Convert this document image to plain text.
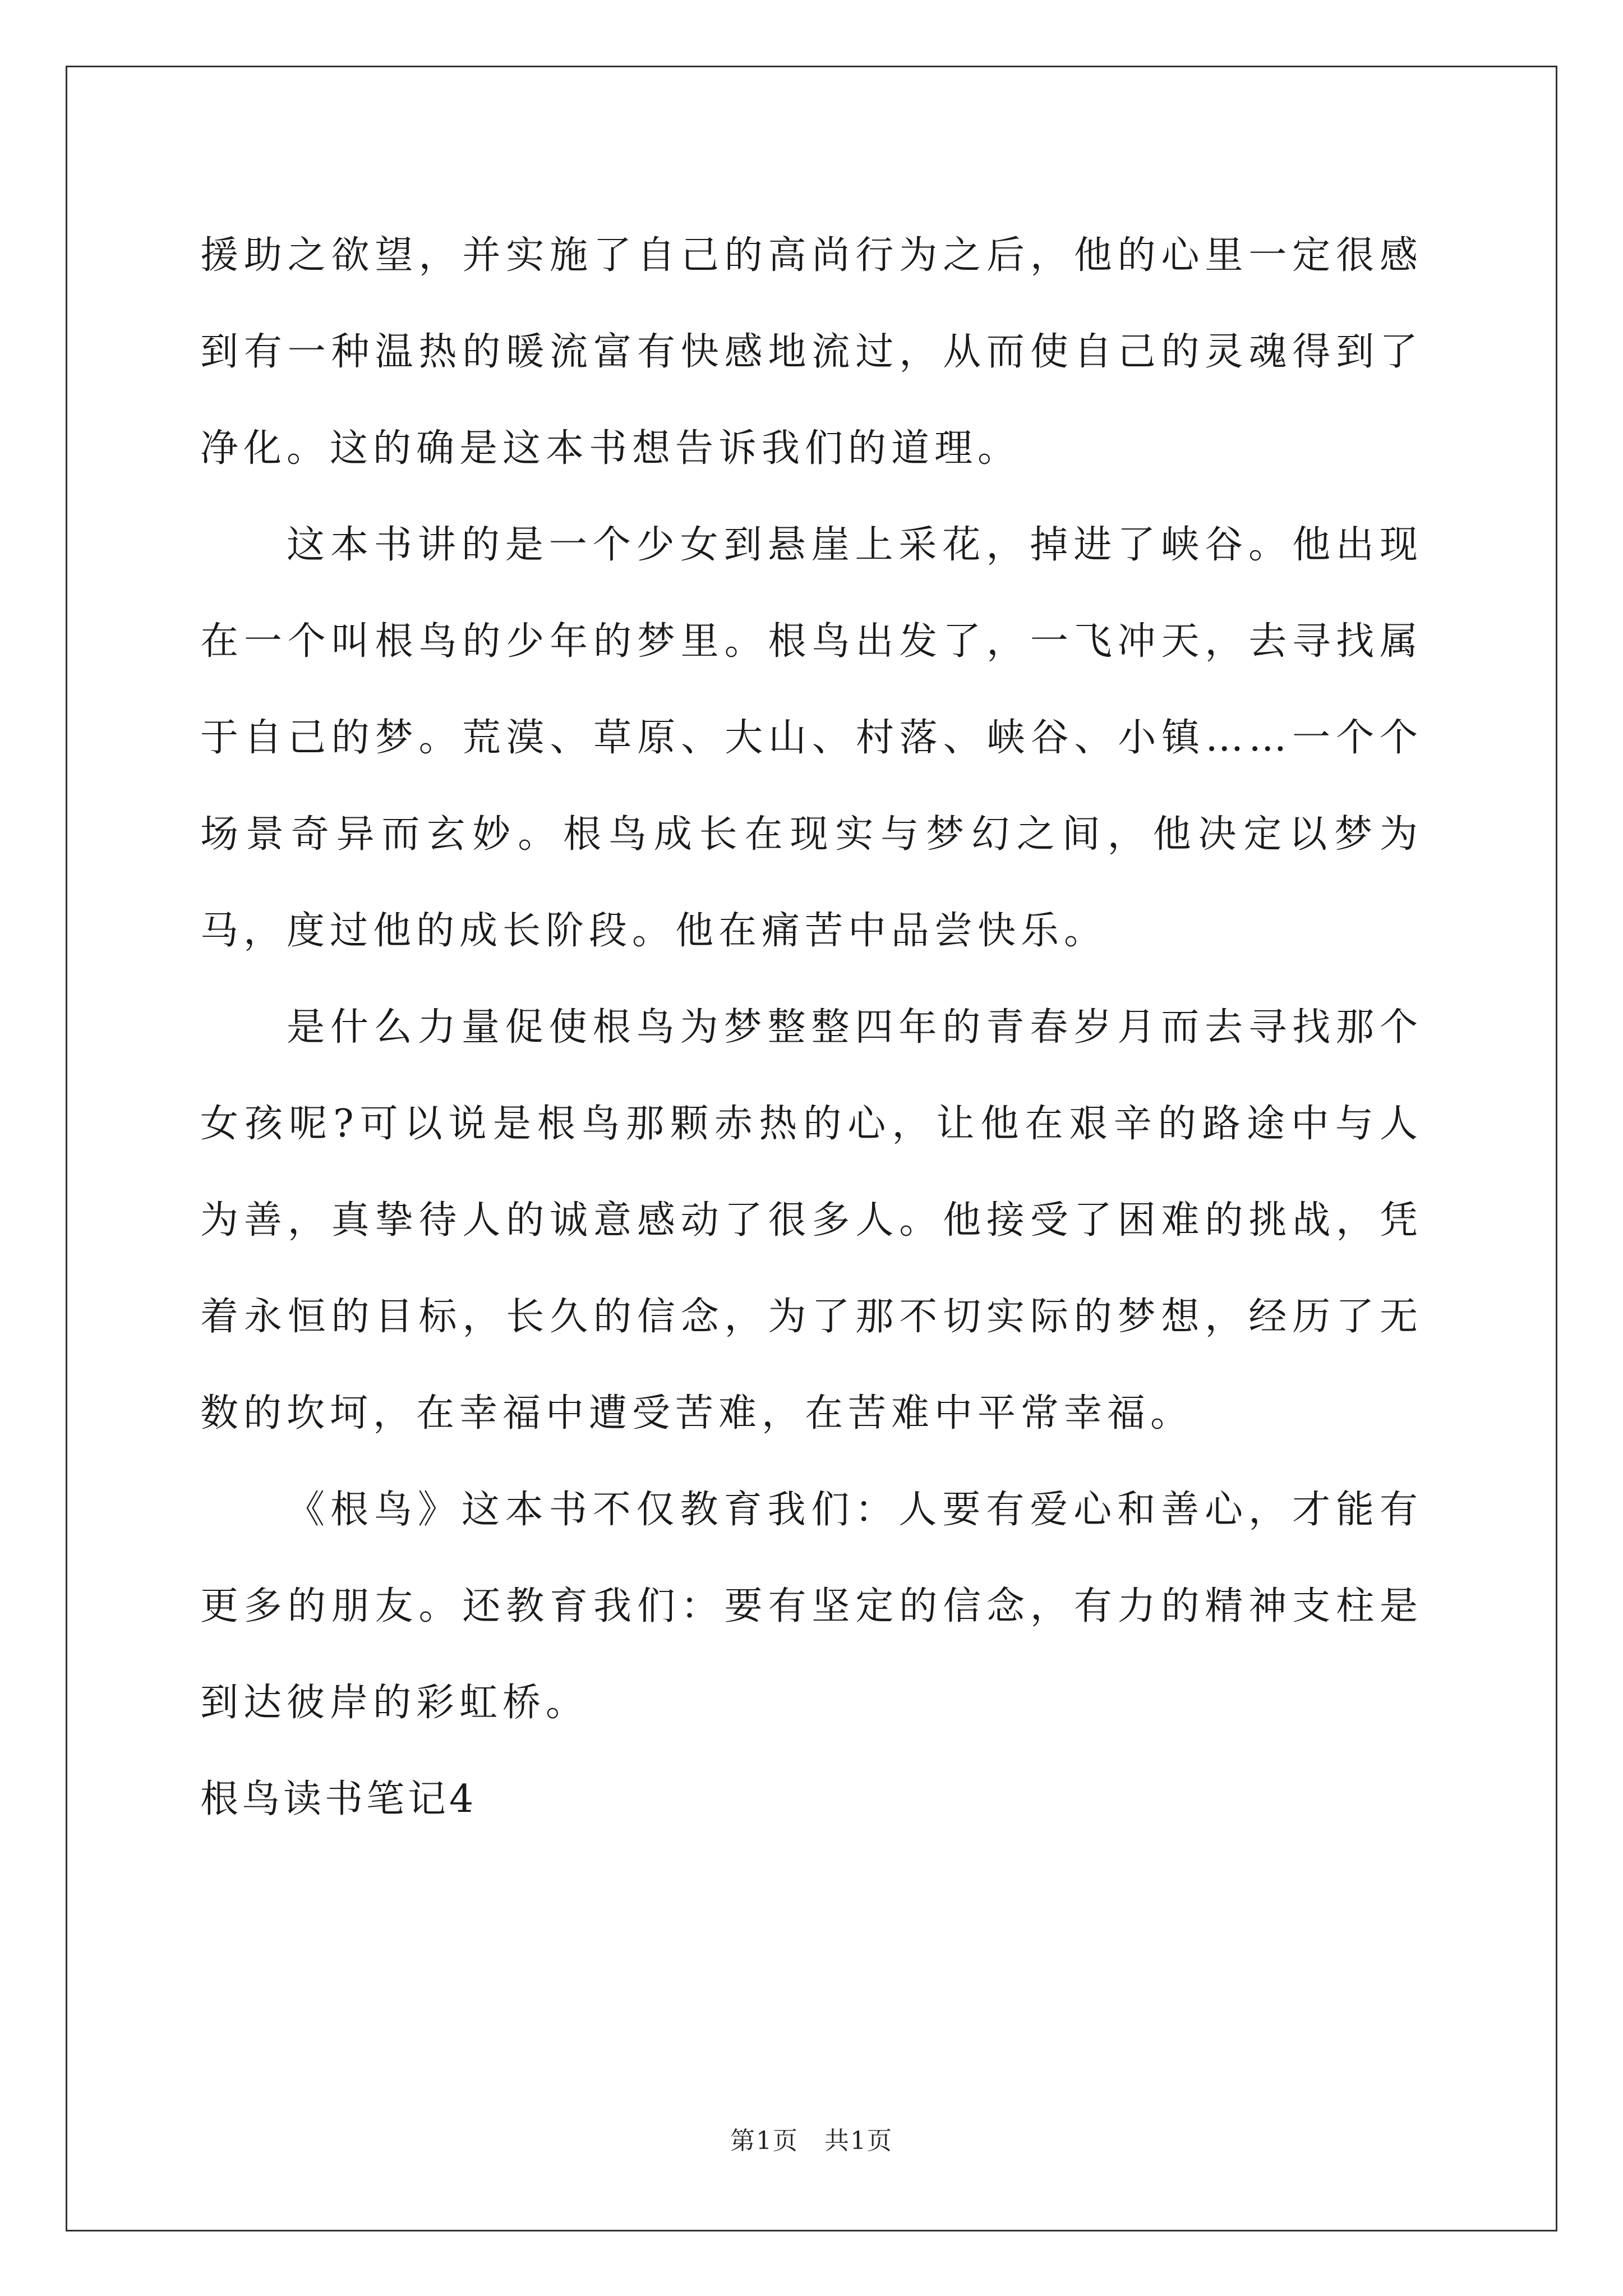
援助之欲望，并实施了自己的高尚行为之后，他的心里一定很感到有一种温热的暖流富有快感地流过，从而使自己的灵魂得到了净化。这的确是这本书想告诉我们的道理。

这本书讲的是一个少女到悬崖上采花，掉进了峡谷。他出现在一个叫根鸟的少年的梦里。根鸟出发了，一飞冲天，去寻找属于自己的梦。荒漠、草原、大山、村落、峡谷、小镇……一个个场景奇异而玄妙。根鸟成长在现实与梦幻之间，他决定以梦为马，度过他的成长阶段。他在痛苦中品尝快乐。

是什么力量促使根鸟为梦整整四年的青春岁月而去寻找那个女孩呢?可以说是根鸟那颗赤热的心，让他在艰辛的路途中与人为善，真挚待人的诚意感动了很多人。他接受了困难的挑战，凭着永恒的目标，长久的信念，为了那不切实际的梦想，经历了无数的坎坷，在幸福中遭受苦难，在苦难中平常幸福。

《根鸟》这本书不仅教育我们：人要有爱心和善心，才能有更多的朋友。还教育我们：要有坚定的信念，有力的精神支柱是到达彼岸的彩虹桥。

根鸟读书笔记4

第1页 共1页
